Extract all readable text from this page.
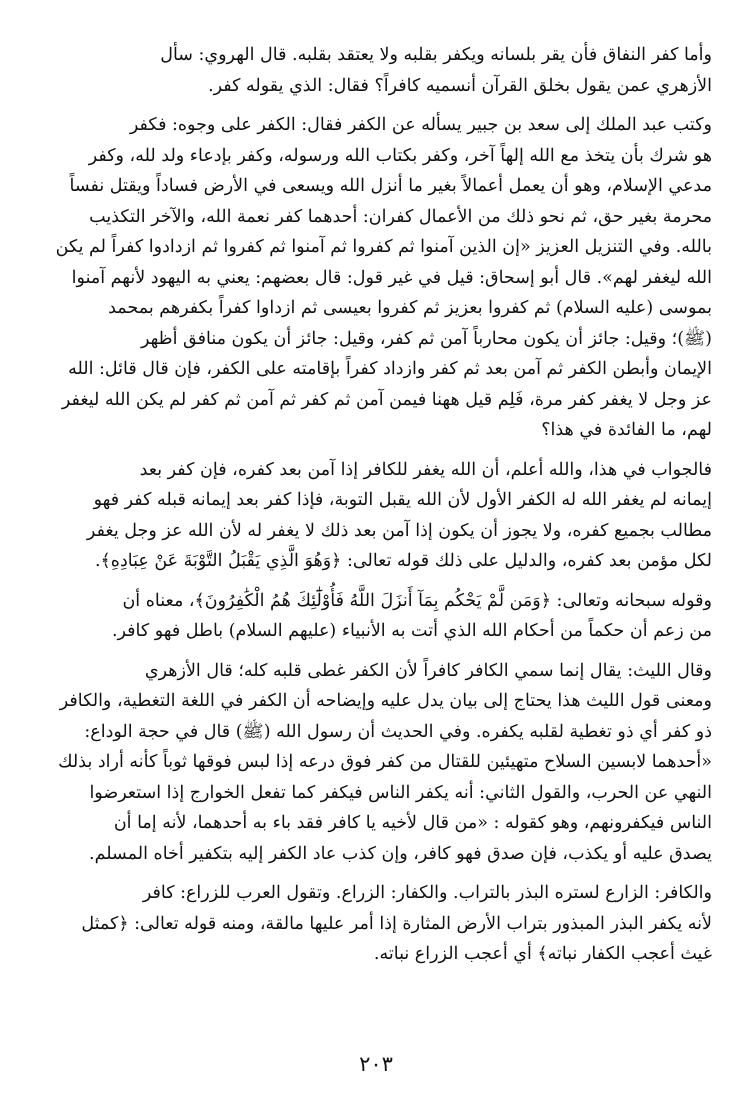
وأما كفر النفاق فأن يقر بلسانه ويكفر بقلبه ولا يعتقد بقلبه. قال الهروي: سأل
الأزهري عمن يقول بخلق القرآن أنسميه كافراً؟ فقال: الذي يقوله كفر.

وكتب عبد الملك إلى سعد بن جبير يسأله عن الكفر فقال: الكفر على وجوه: فكفر
هو شرك بأن يتخذ مع الله إلهاً آخر، وكفر بكتاب الله ورسوله، وكفر بإدعاء ولد لله، وكفر
مدعي الإسلام، وهو أن يعمل أعمالاً بغير ما أنزل الله ويسعى في الأرض فساداً ويقتل نفساً
محرمة بغير حق، ثم نحو ذلك من الأعمال كفران: أحدهما كفر نعمة الله، والآخر التكذيب
بالله. وفي التنزيل العزيز «إن الذين آمنوا ثم كفروا ثم آمنوا ثم كفروا ثم ازدادوا كفراً لم يكن
الله ليغفر لهم». قال أبو إسحاق: قيل في غير قول: قال بعضهم: يعني به اليهود لأنهم آمنوا
بموسى (عليه السلام) ثم كفروا بعزيز ثم كفروا بعيسى ثم ازداوا كفراً بكفرهم بمحمد
(ﷺ)؛ وقيل: جائز أن يكون محارباً آمن ثم كفر، وقيل: جائز أن يكون منافق أظهر
الإيمان وأبطن الكفر ثم آمن بعد ثم كفر وازداد كفراً بإقامته على الكفر، فإن قال قائل: الله
عز وجل لا يغفر كفر مرة، فَلِم قيل ههنا فيمن آمن ثم كفر ثم آمن ثم كفر لم يكن الله ليغفر
لهم، ما الفائدة في هذا؟

فالجواب في هذا، والله أعلم، أن الله يغفر للكافر إذا آمن بعد كفره، فإن كفر بعد
إيمانه لم يغفر الله له الكفر الأول لأن الله يقبل التوبة، فإذا كفر بعد إيمانه قبله كفر فهو
مطالب بجميع كفره، ولا يجوز أن يكون إذا آمن بعد ذلك لا يغفر له لأن الله عز وجل يغفر
لكل مؤمن بعد كفره، والدليل على ذلك قوله تعالى: ﴿وَهُوَ الَّذِي يَقْبَلُ التَّوْبَةَ عَنْ عِبَادِهِ﴾.

وقوله سبحانه وتعالى: ﴿وَمَن لَّمْ يَحْكُم بِمَآ أَنزَلَ اللَّهُ فَأُوْلَٰٓئِكَ هُمُ الْكَٰفِرُونَ﴾، معناه أن
من زعم أن حكماً من أحكام الله الذي أتت به الأنبياء (عليهم السلام) باطل فهو كافر.

وقال الليث: يقال إنما سمي الكافر كافراً لأن الكفر غطى قلبه كله؛ قال الأزهري
ومعنى قول الليث هذا يحتاج إلى بيان يدل عليه وإيضاحه أن الكفر في اللغة التغطية، والكافر
ذو كفر أي ذو تغطية لقلبه يكفره. وفي الحديث أن رسول الله (ﷺ) قال في حجة الوداع:
«أحدهما لابسين السلاح متهيئين للقتال من كفر فوق درعه إذا لبس فوقها ثوباً كأنه أراد بذلك
النهي عن الحرب، والقول الثاني: أنه يكفر الناس فيكفر كما تفعل الخوارج إذا استعرضوا
الناس فيكفرونهم، وهو كقوله : «من قال لأخيه يا كافر فقد باء به أحدهما، لأنه إما أن
يصدق عليه أو يكذب، فإن صدق فهو كافر، وإن كذب عاد الكفر إليه بتكفير أخاه المسلم.

والكافر: الزارع لستره البذر بالتراب. والكفار: الزراع. وتقول العرب للزراع: كافر
لأنه يكفر البذر المبذور بتراب الأرض المثارة إذا أمر عليها مالقة، ومنه قوله تعالى: ﴿كمثل
غيث أعجب الكفار نباته﴾ أي أعجب الزراع نباته.

٢٠٣
